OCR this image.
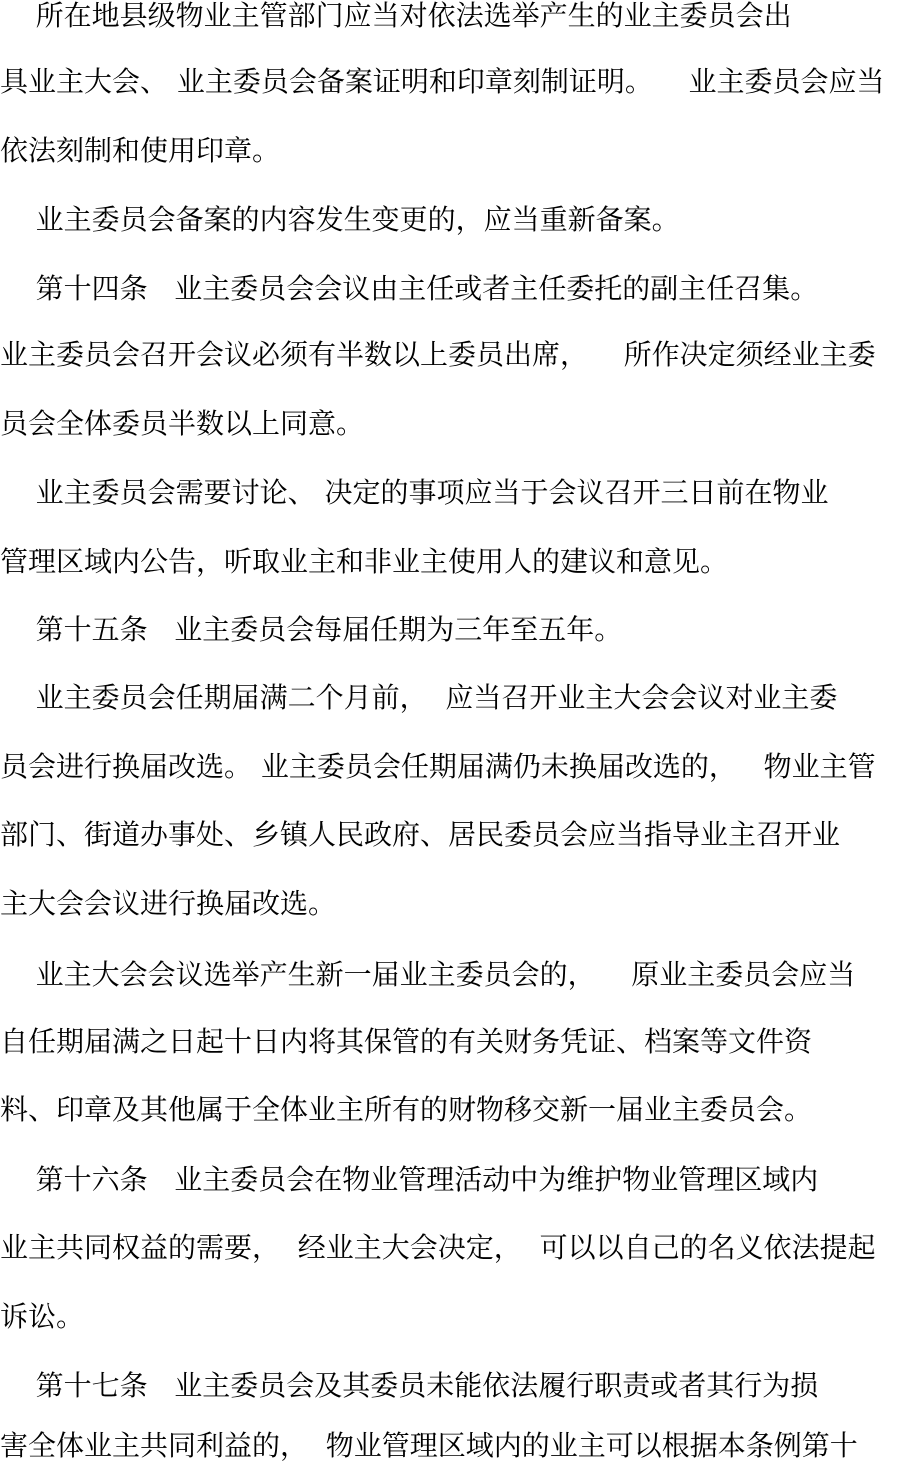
所在地县级物业主管部门应当对依法选举产生的业主委员会出
具业主大会、 业主委员会备案证明和印章刻制证明。    业主委员会应当
依法刻制和使用印章。
业主委员会备案的内容发生变更的，应当重新备案。
第十四条   业主委员会会议由主任或者主任委托的副主任召集。
业主委员会召开会议必须有半数以上委员出席，    所作决定须经业主委
员会全体委员半数以上同意。
业主委员会需要讨论、 决定的事项应当于会议召开三日前在物业
管理区域内公告，听取业主和非业主使用人的建议和意见。
第十五条   业主委员会每届任期为三年至五年。
业主委员会任期届满二个月前，  应当召开业主大会会议对业主委
员会进行换届改选。 业主委员会任期届满仍未换届改选的，   物业主管
部门、街道办事处、乡镇人民政府、居民委员会应当指导业主召开业
主大会会议进行换届改选。
业主大会会议选举产生新一届业主委员会的，    原业主委员会应当
自任期届满之日起十日内将其保管的有关财务凭证、档案等文件资
料、印章及其他属于全体业主所有的财物移交新一届业主委员会。
第十六条   业主委员会在物业管理活动中为维护物业管理区域内
业主共同权益的需要，  经业主大会决定，  可以以自己的名义依法提起
诉讼。
第十七条   业主委员会及其委员未能依法履行职责或者其行为损
害全体业主共同利益的，  物业管理区域内的业主可以根据本条例第十
